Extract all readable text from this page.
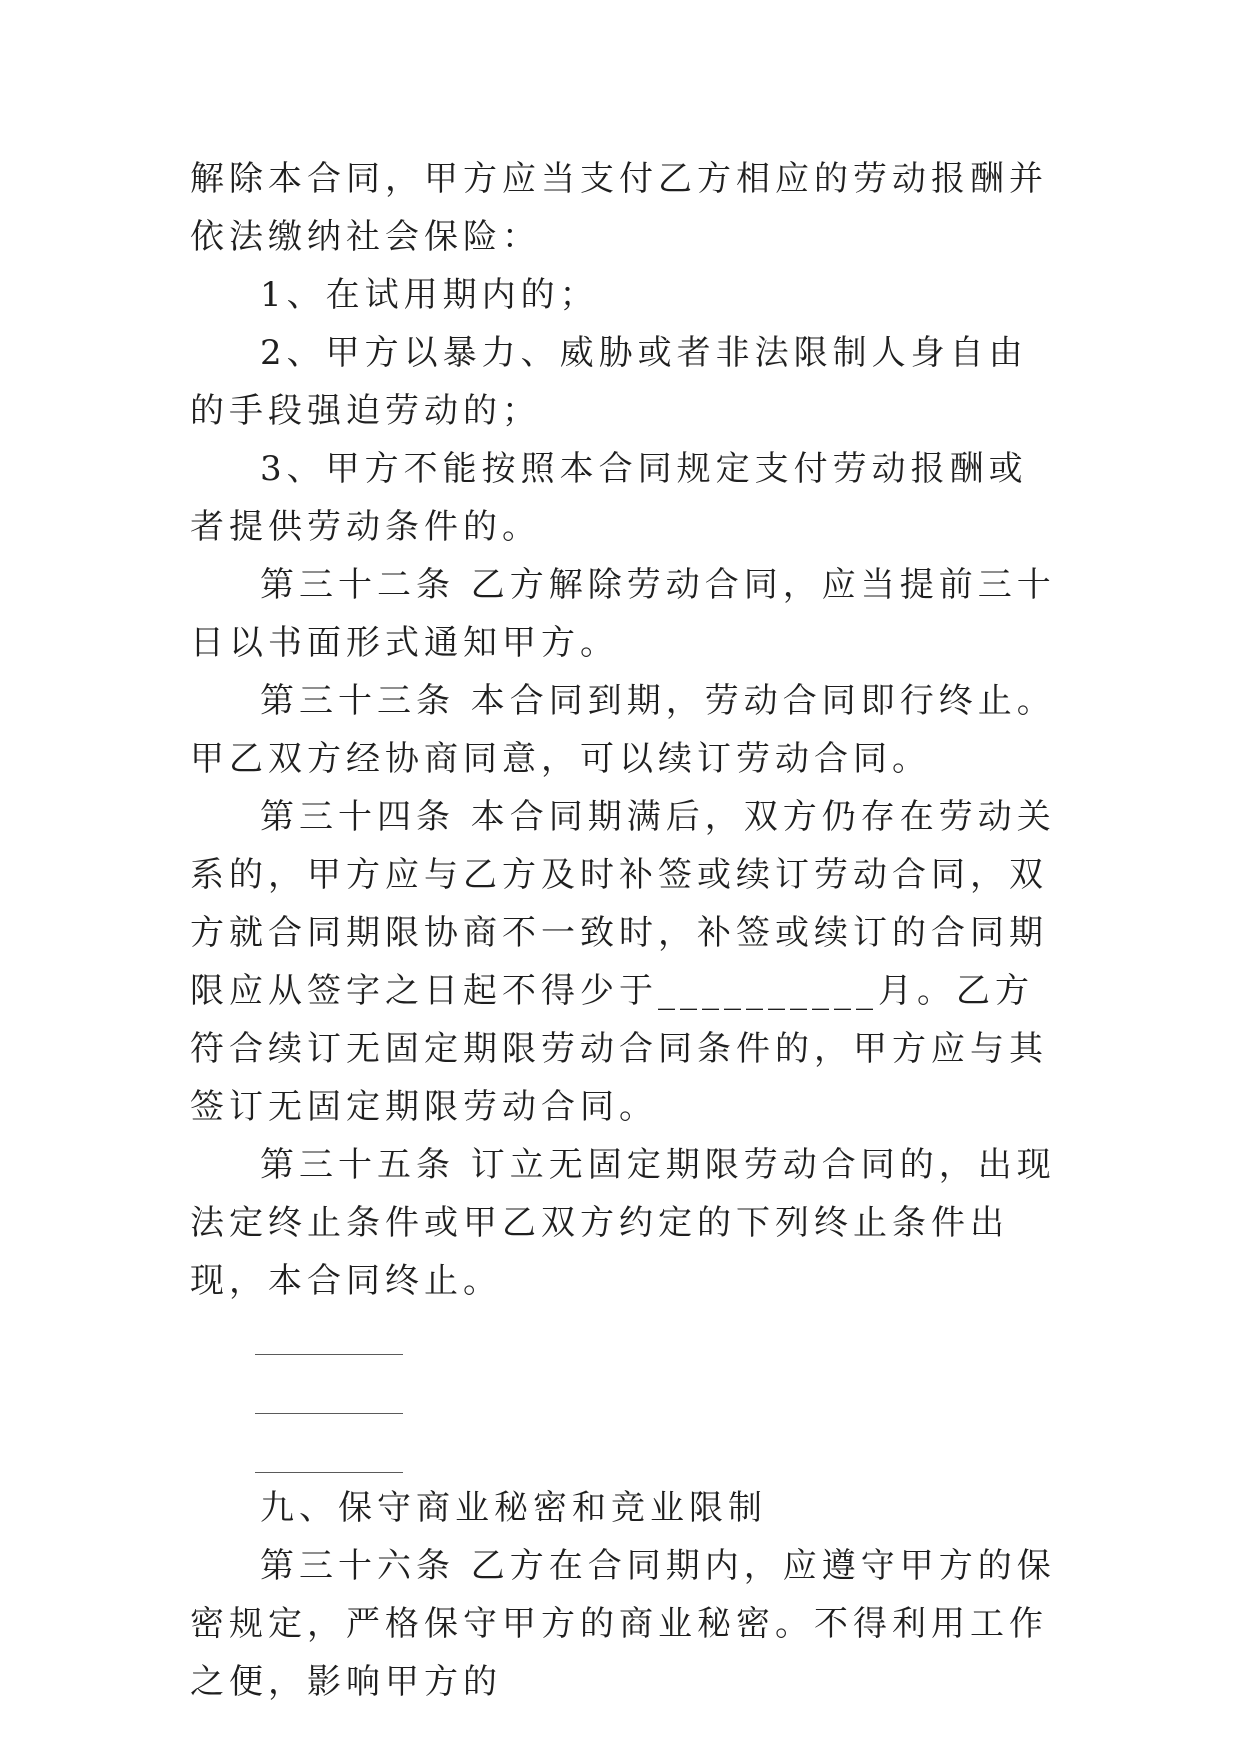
解除本合同，甲方应当支付乙方相应的劳动报酬并依法缴纳社会保险：

1、在试用期内的；

2、甲方以暴力、威胁或者非法限制人身自由的手段强迫劳动的；

3、甲方不能按照本合同规定支付劳动报酬或者提供劳动条件的。

第三十二条 乙方解除劳动合同，应当提前三十日以书面形式通知甲方。

第三十三条 本合同到期，劳动合同即行终止。甲乙双方经协商同意，可以续订劳动合同。

第三十四条 本合同期满后，双方仍存在劳动关系的，甲方应与乙方及时补签或续订劳动合同，双方就合同期限协商不一致时，补签或续订的合同期限应从签字之日起不得少于__________月。乙方符合续订无固定期限劳动合同条件的，甲方应与其签订无固定期限劳动合同。

第三十五条 订立无固定期限劳动合同的，出现法定终止条件或甲乙双方约定的下列终止条件出现，本合同终止。

九、保守商业秘密和竞业限制

第三十六条 乙方在合同期内，应遵守甲方的保密规定，严格保守甲方的商业秘密。不得利用工作之便，影响甲方的
